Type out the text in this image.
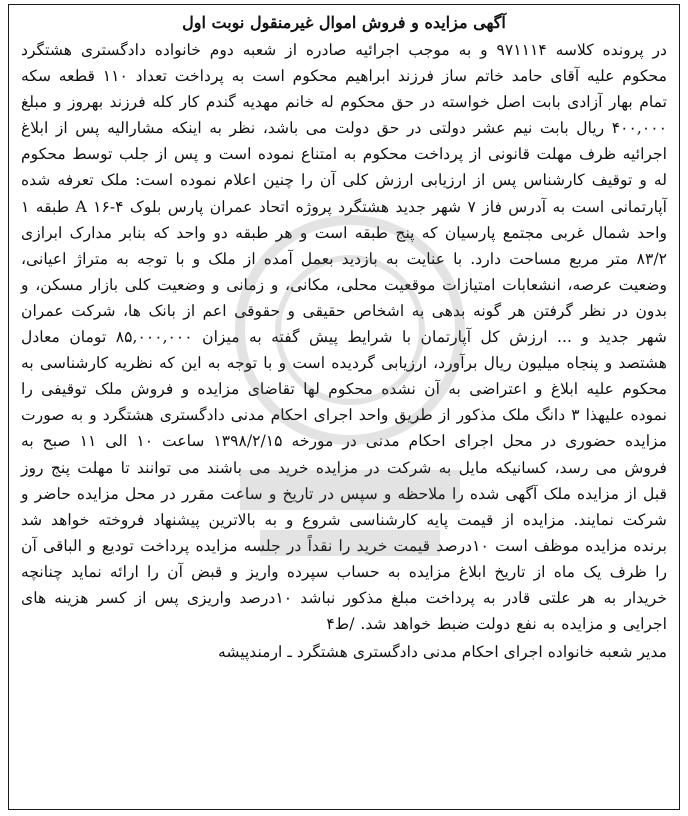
آگهی مزایده و فروش اموال غیرمنقول نوبت اول

در پرونده کلاسه ۹۷۱۱۱۴ و به موجب اجرائیه صادره از شعبه دوم خانواده دادگستری هشتگرد محکوم علیه آقای حامد خاتم ساز فرزند ابراهیم محکوم است به پرداخت تعداد ۱۱۰ قطعه سکه تمام بهار آزادی بابت اصل خواسته در حق محکوم له خانم مهدیه گندم کار کله فرزند بهروز و مبلغ ۴۰۰,۰۰۰ ریال بابت نیم عشر دولتی در حق دولت می باشد، نظر به اینکه مشارالیه پس از ابلاغ اجرائیه ظرف مهلت قانونی از پرداخت محکوم به امتناع نموده است و پس از جلب توسط محکوم له و توقیف کارشناس پس از ارزیابی ارزش کلی آن را چنین اعلام نموده است: ملک تعرفه شده آپارتمانی است به آدرس فاز ۷ شهر جدید هشتگرد پروژه اتحاد عمران پارس بلوک ۴-۱۶ A طبقه ۱ واحد شمال غربی مجتمع پارسیان که پنج طبقه است و هر طبقه دو واحد که بنابر مدارک ابرازی ۸۳/۲ متر مربع مساحت دارد. با عنایت به بازدید بعمل آمده از ملک و با توجه به متراژ اعیانی، وضعیت عرصه، انشعابات امتیازات موقعیت محلی، مکانی، و زمانی و وضعیت کلی بازار مسکن، و بدون در نظر گرفتن هر گونه بدهی به اشخاص حقیقی و حقوقی اعم از بانک ها، شرکت عمران شهر جدید و ... ارزش کل آپارتمان با شرایط پیش گفته به میزان ۸۵,۰۰۰,۰۰۰ تومان معادل هشتصد و پنجاه میلیون ریال برآورد، ارزیابی گردیده است و با توجه به این که نظریه کارشناسی به محکوم علیه ابلاغ و اعتراضی به آن نشده محکوم لها تقاضای مزایده و فروش ملک توقیفی را نموده علیهذا ۳ دانگ ملک مذکور از طریق واحد اجرای احکام مدنی دادگستری هشتگرد و به صورت مزایده حضوری در محل اجرای احکام مدنی در مورخه ۱۳۹۸/۲/۱۵ ساعت ۱۰ الی ۱۱ صبح به فروش می رسد، کسانیکه مایل به شرکت در مزایده خرید می باشند می توانند تا مهلت پنج روز قبل از مزایده ملک آگهی شده را ملاحظه و سپس در تاریخ و ساعت مقرر در محل مزایده حاضر و شرکت نمایند. مزایده از قیمت پایه کارشناسی شروع و به بالاترین پیشنهاد فروخته خواهد شد برنده مزایده موظف است ۱۰درصد قیمت خرید را نقداً در جلسه مزایده پرداخت تودیع و الباقی آن را ظرف یک ماه از تاریخ ابلاغ مزایده به حساب سپرده واریز و قبض آن را ارائه نماید چنانچه خریدار به هر علتی قادر به پرداخت مبلغ مذکور نباشد ۱۰درصد واریزی پس از کسر هزینه های اجرایی و مزایده به نفع دولت ضبط خواهد شد. /ط۴

مدیر شعبه خانواده اجرای احکام مدنی دادگستری هشتگرد ـ ارمندپیشه
